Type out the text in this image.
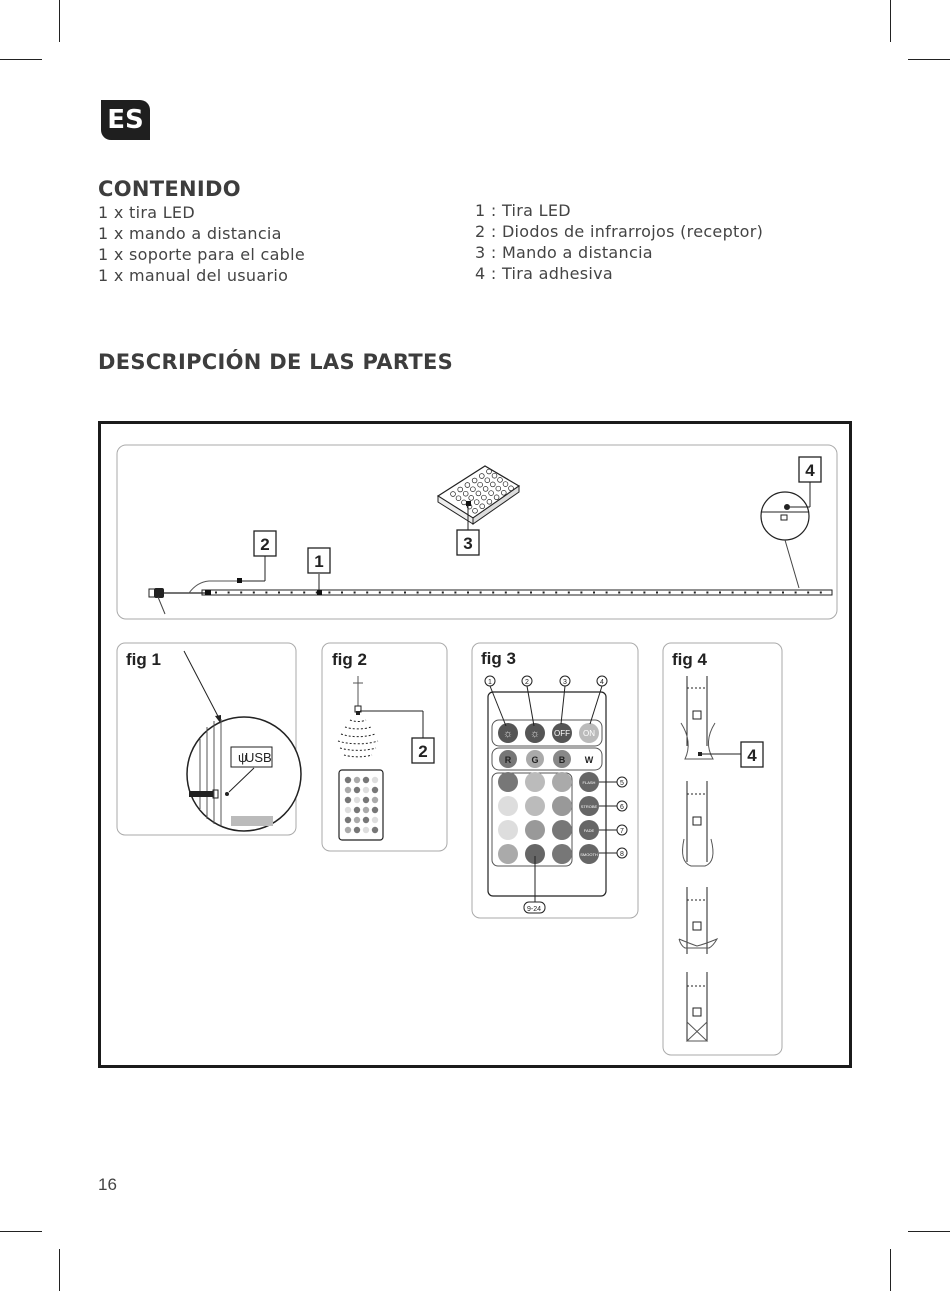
ES
CONTENIDO
1 x tira LED
1 x mando a distancia
1 x soporte para el cable
1 x manual del usuario
1 : Tira LED
2 : Diodos de infrarrojos (receptor)
3 : Mando a distancia
4 : Tira adhesiva
DESCRIPCIÓN DE LAS PARTES
2
1
3
4
fig 1
ψ
USB
fig 2
2
fig 3
☼ ☼ OFF ON
R G B W
FLASH
STROBE
FADE
SMOOTH
1	2	3	4
5
6
7
8
9-24
fig 4
4
16
